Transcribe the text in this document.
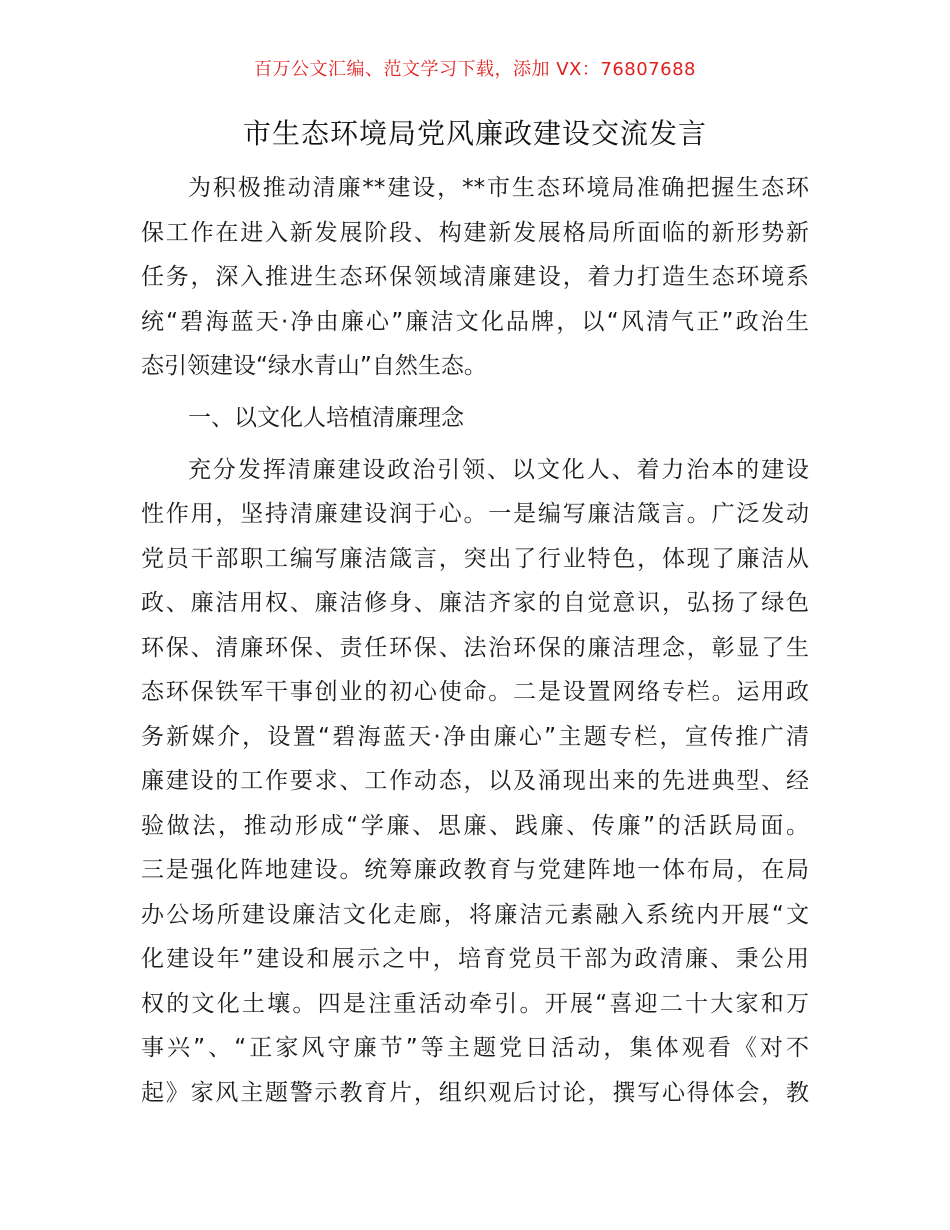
百万公文汇编、范文学习下载，添加 VX：76807688
市生态环境局党风廉政建设交流发言
为积极推动清廉**建设，**市生态环境局准确把握生态环
保工作在进入新发展阶段、构建新发展格局所面临的新形势新
任务，深入推进生态环保领域清廉建设，着力打造生态环境系
统“碧海蓝天·净由廉心”廉洁文化品牌，以“风清气正”政治生
态引领建设“绿水青山”自然生态。
一、以文化人培植清廉理念
充分发挥清廉建设政治引领、以文化人、着力治本的建设
性作用，坚持清廉建设润于心。一是编写廉洁箴言。广泛发动
党员干部职工编写廉洁箴言，突出了行业特色，体现了廉洁从
政、廉洁用权、廉洁修身、廉洁齐家的自觉意识，弘扬了绿色
环保、清廉环保、责任环保、法治环保的廉洁理念，彰显了生
态环保铁军干事创业的初心使命。二是设置网络专栏。运用政
务新媒介，设置“碧海蓝天·净由廉心”主题专栏，宣传推广清
廉建设的工作要求、工作动态，以及涌现出来的先进典型、经
验做法，推动形成“学廉、思廉、践廉、传廉”的活跃局面。
三是强化阵地建设。统筹廉政教育与党建阵地一体布局，在局
办公场所建设廉洁文化走廊，将廉洁元素融入系统内开展“文
化建设年”建设和展示之中，培育党员干部为政清廉、秉公用
权的文化土壤。四是注重活动牵引。开展“喜迎二十大家和万
事兴”、“正家风守廉节”等主题党日活动，集体观看《对不
起》家风主题警示教育片，组织观后讨论，撰写心得体会，教
